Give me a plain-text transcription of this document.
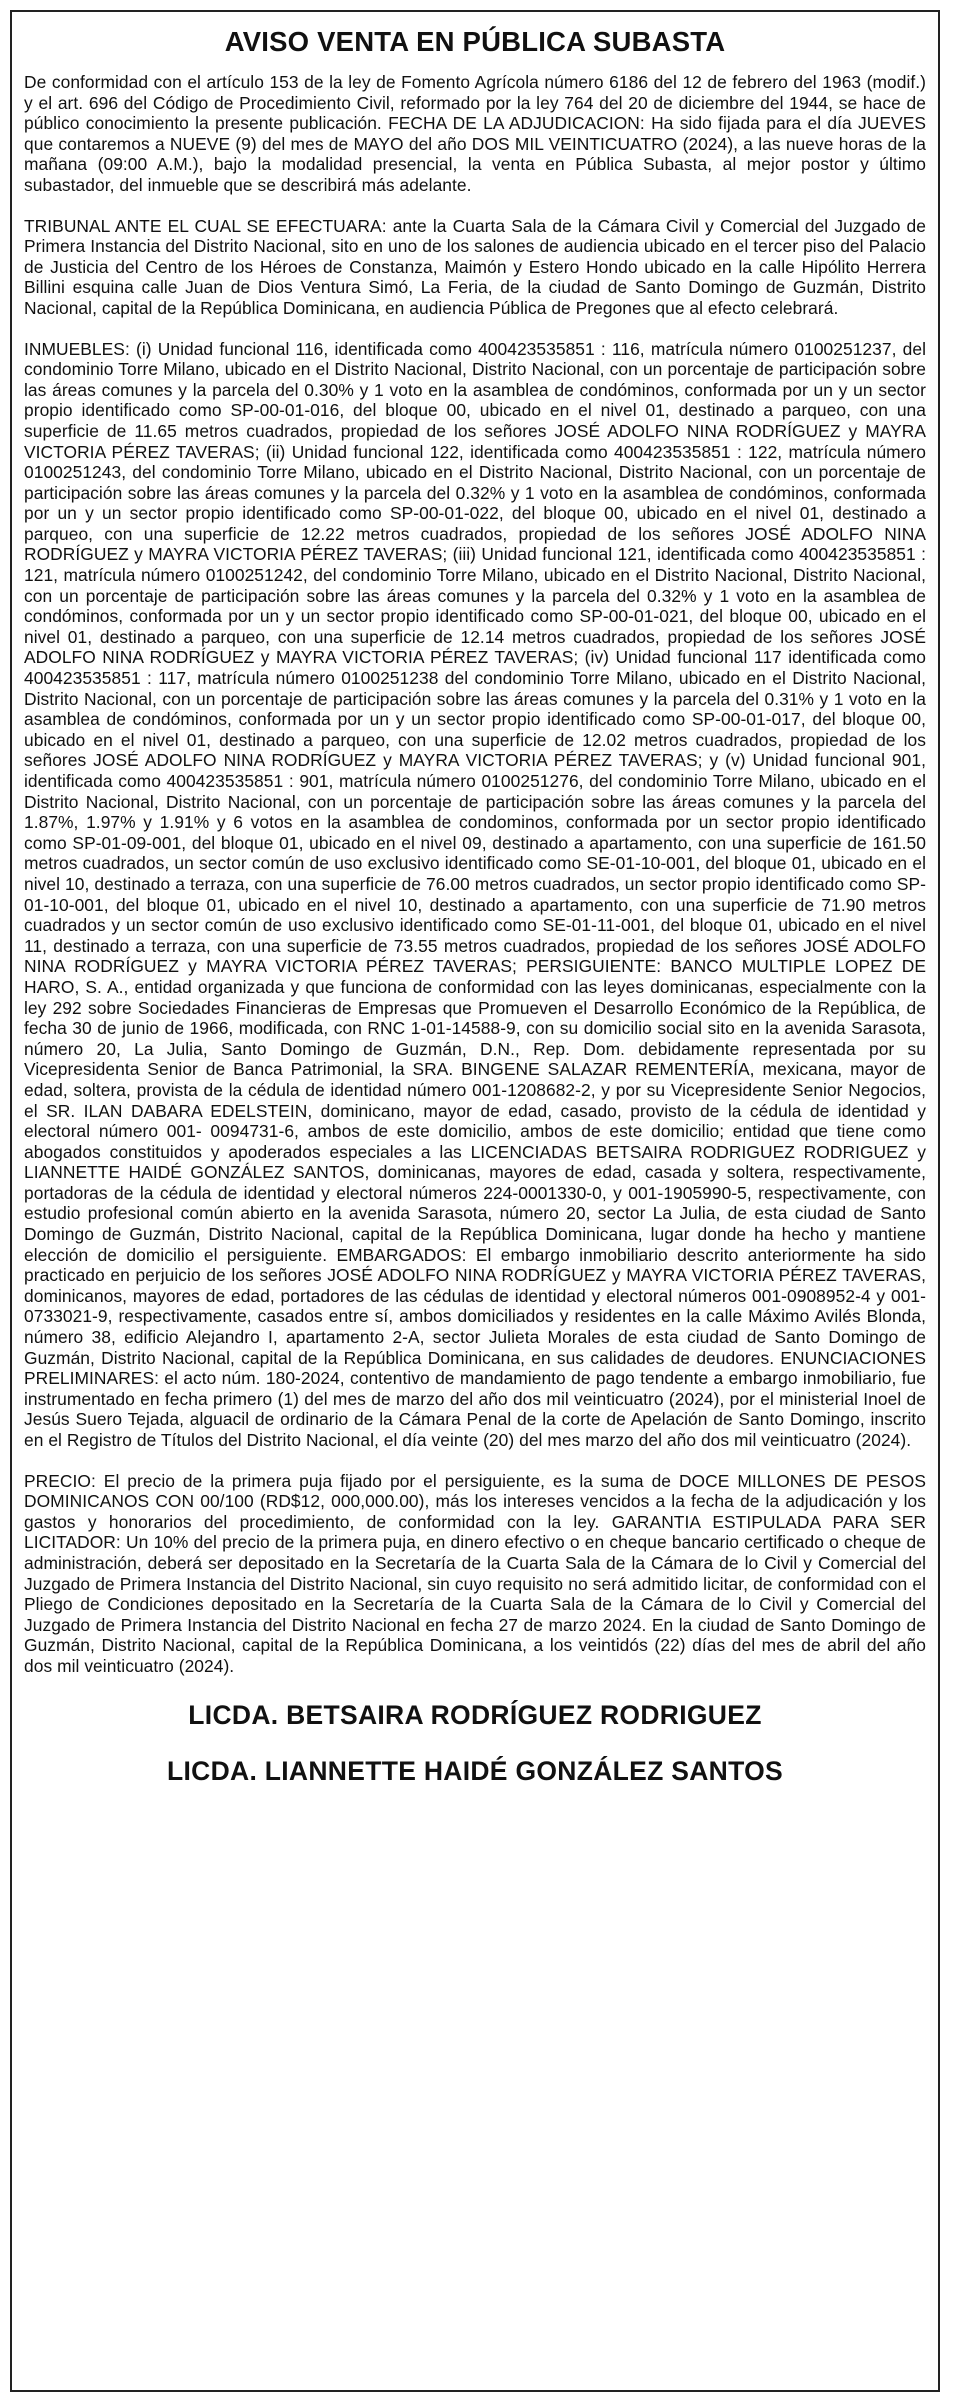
AVISO VENTA EN PÚBLICA SUBASTA

De conformidad con el artículo 153 de la ley de Fomento Agrícola número 6186 del 12 de febrero del 1963 (modif.) y el art. 696 del Código de Procedimiento Civil, reformado por la ley 764 del 20 de diciembre del 1944, se hace de público conocimiento la presente publicación. FECHA DE LA ADJUDICACION: Ha sido fijada para el día JUEVES que contaremos a NUEVE (9) del mes de MAYO del año DOS MIL VEINTICUATRO (2024), a las nueve horas de la mañana (09:00 A.M.), bajo la modalidad presencial, la venta en Pública Subasta, al mejor postor y último subastador, del inmueble que se describirá más adelante.

TRIBUNAL ANTE EL CUAL SE EFECTUARA: ante la Cuarta Sala de la Cámara Civil y Comercial del Juzgado de Primera Instancia del Distrito Nacional, sito en uno de los salones de audiencia ubicado en el tercer piso del Palacio de Justicia del Centro de los Héroes de Constanza, Maimón y Estero Hondo ubicado en la calle Hipólito Herrera Billini esquina calle Juan de Dios Ventura Simó, La Feria, de la ciudad de Santo Domingo de Guzmán, Distrito Nacional, capital de la República Dominicana, en audiencia Pública de Pregones que al efecto celebrará.

INMUEBLES: (i) Unidad funcional 116, identificada como 400423535851 : 116, matrícula número 0100251237, del condominio Torre Milano, ubicado en el Distrito Nacional, Distrito Nacional, con un porcentaje de participación sobre las áreas comunes y la parcela del 0.30% y 1 voto en la asamblea de condóminos, conformada por un y un sector propio identificado como SP-00-01-016, del bloque 00, ubicado en el nivel 01, destinado a parqueo, con una superficie de 11.65 metros cuadrados, propiedad de los señores JOSÉ ADOLFO NINA RODRÍGUEZ y MAYRA VICTORIA PÉREZ TAVERAS; (ii) Unidad funcional 122, identificada como 400423535851 : 122, matrícula número 0100251243, del condominio Torre Milano, ubicado en el Distrito Nacional, Distrito Nacional, con un porcentaje de participación sobre las áreas comunes y la parcela del 0.32% y 1 voto en la asamblea de condóminos, conformada por un y un sector propio identificado como SP-00-01-022, del bloque 00, ubicado en el nivel 01, destinado a parqueo, con una superficie de 12.22 metros cuadrados, propiedad de los señores JOSÉ ADOLFO NINA RODRÍGUEZ y MAYRA VICTORIA PÉREZ TAVERAS; (iii) Unidad funcional 121, identificada como 400423535851 : 121, matrícula número 0100251242, del condominio Torre Milano, ubicado en el Distrito Nacional, Distrito Nacional, con un porcentaje de participación sobre las áreas comunes y la parcela del 0.32% y 1 voto en la asamblea de condóminos, conformada por un y un sector propio identificado como SP-00-01-021, del bloque 00, ubicado en el nivel 01, destinado a parqueo, con una superficie de 12.14 metros cuadrados, propiedad de los señores JOSÉ ADOLFO NINA RODRÍGUEZ y MAYRA VICTORIA PÉREZ TAVERAS; (iv) Unidad funcional 117 identificada como 400423535851 : 117, matrícula número 0100251238 del condominio Torre Milano, ubicado en el Distrito Nacional, Distrito Nacional, con un porcentaje de participación sobre las áreas comunes y la parcela del 0.31% y 1 voto en la asamblea de condóminos, conformada por un y un sector propio identificado como SP-00-01-017, del bloque 00, ubicado en el nivel 01, destinado a parqueo, con una superficie de 12.02 metros cuadrados, propiedad de los señores JOSÉ ADOLFO NINA RODRÍGUEZ y MAYRA VICTORIA PÉREZ TAVERAS; y (v) Unidad funcional 901, identificada como 400423535851 : 901, matrícula número 0100251276, del condominio Torre Milano, ubicado en el Distrito Nacional, Distrito Nacional, con un porcentaje de participación sobre las áreas comunes y la parcela del 1.87%, 1.97% y 1.91% y 6 votos en la asamblea de condominos, conformada por un sector propio identificado como SP-01-09-001, del bloque 01, ubicado en el nivel 09, destinado a apartamento, con una superficie de 161.50 metros cuadrados, un sector común de uso exclusivo identificado como SE-01-10-001, del bloque 01, ubicado en el nivel 10, destinado a terraza, con una superficie de 76.00 metros cuadrados, un sector propio identificado como SP-01-10-001, del bloque 01, ubicado en el nivel 10, destinado a apartamento, con una superficie de 71.90 metros cuadrados y un sector común de uso exclusivo identificado como SE-01-11-001, del bloque 01, ubicado en el nivel 11, destinado a terraza, con una superficie de 73.55 metros cuadrados, propiedad de los señores JOSÉ ADOLFO NINA RODRÍGUEZ y MAYRA VICTORIA PÉREZ TAVERAS; PERSIGUIENTE: BANCO MULTIPLE LOPEZ DE HARO, S. A., entidad organizada y que funciona de conformidad con las leyes dominicanas, especialmente con la ley 292 sobre Sociedades Financieras de Empresas que Promueven el Desarrollo Económico de la República, de fecha 30 de junio de 1966, modificada, con RNC 1-01-14588-9, con su domicilio social sito en la avenida Sarasota, número 20, La Julia, Santo Domingo de Guzmán, D.N., Rep. Dom. debidamente representada por su Vicepresidenta Senior de Banca Patrimonial, la SRA. BINGENE SALAZAR REMENTERÍA, mexicana, mayor de edad, soltera, provista de la cédula de identidad número 001-1208682-2, y por su Vicepresidente Senior Negocios, el SR. ILAN DABARA EDELSTEIN, dominicano, mayor de edad, casado, provisto de la cédula de identidad y electoral número 001- 0094731-6, ambos de este domicilio, ambos de este domicilio; entidad que tiene como abogados constituidos y apoderados especiales a las LICENCIADAS BETSAIRA RODRIGUEZ RODRIGUEZ y LIANNETTE HAIDÉ GONZÁLEZ SANTOS, dominicanas, mayores de edad, casada y soltera, respectivamente, portadoras de la cédula de identidad y electoral números 224-0001330-0, y 001-1905990-5, respectivamente, con estudio profesional común abierto en la avenida Sarasota, número 20, sector La Julia, de esta ciudad de Santo Domingo de Guzmán, Distrito Nacional, capital de la República Dominicana, lugar donde ha hecho y mantiene elección de domicilio el persiguiente. EMBARGADOS: El embargo inmobiliario descrito anteriormente ha sido practicado en perjuicio de los señores JOSÉ ADOLFO NINA RODRÍGUEZ y MAYRA VICTORIA PÉREZ TAVERAS, dominicanos, mayores de edad, portadores de las cédulas de identidad y electoral números 001-0908952-4 y 001-0733021-9, respectivamente, casados entre sí, ambos domiciliados y residentes en la calle Máximo Avilés Blonda, número 38, edificio Alejandro I, apartamento 2-A, sector Julieta Morales de esta ciudad de Santo Domingo de Guzmán, Distrito Nacional, capital de la República Dominicana, en sus calidades de deudores. ENUNCIACIONES PRELIMINARES: el acto núm. 180-2024, contentivo de mandamiento de pago tendente a embargo inmobiliario, fue instrumentado en fecha primero (1) del mes de marzo del año dos mil veinticuatro (2024), por el ministerial Inoel de Jesús Suero Tejada, alguacil de ordinario de la Cámara Penal de la corte de Apelación de Santo Domingo, inscrito en el Registro de Títulos del Distrito Nacional, el día veinte (20) del mes marzo del año dos mil veinticuatro (2024).

PRECIO: El precio de la primera puja fijado por el persiguiente, es la suma de DOCE MILLONES DE PESOS DOMINICANOS CON 00/100 (RD$12, 000,000.00), más los intereses vencidos a la fecha de la adjudicación y los gastos y honorarios del procedimiento, de conformidad con la ley. GARANTIA ESTIPULADA PARA SER LICITADOR: Un 10% del precio de la primera puja, en dinero efectivo o en cheque bancario certificado o cheque de administración, deberá ser depositado en la Secretaría de la Cuarta Sala de la Cámara de lo Civil y Comercial del Juzgado de Primera Instancia del Distrito Nacional, sin cuyo requisito no será admitido licitar, de conformidad con el Pliego de Condiciones depositado en la Secretaría de la Cuarta Sala de la Cámara de lo Civil y Comercial del Juzgado de Primera Instancia del Distrito Nacional en fecha 27 de marzo 2024. En la ciudad de Santo Domingo de Guzmán, Distrito Nacional, capital de la República Dominicana, a los veintidós (22) días del mes de abril del año dos mil veinticuatro (2024).

LICDA. BETSAIRA RODRÍGUEZ RODRIGUEZ
LICDA. LIANNETTE HAIDÉ GONZÁLEZ SANTOS
